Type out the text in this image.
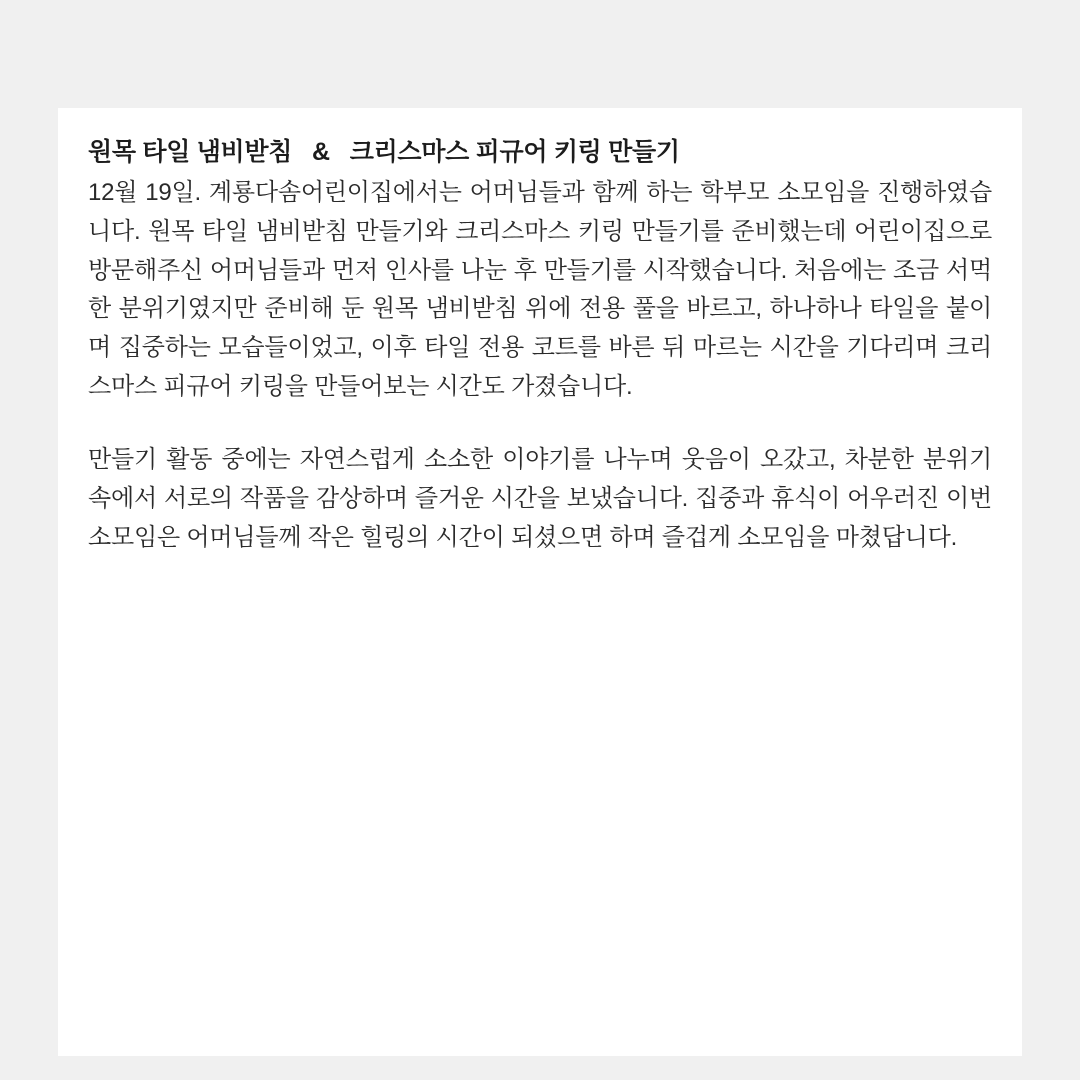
원목 타일 냄비받침   &   크리스마스 피규어 키링 만들기

12월 19일. 계룡다솜어린이집에서는 어머님들과 함께 하는 학부모 소모임을 진행하였습니다. 원목 타일 냄비받침 만들기와 크리스마스 키링 만들기를 준비했는데 어린이집으로 방문해주신 어머님들과 먼저 인사를 나눈 후 만들기를 시작했습니다. 처음에는 조금 서먹한 분위기였지만 준비해 둔 원목 냄비받침 위에 전용 풀을 바르고, 하나하나 타일을 붙이며 집중하는 모습들이었고, 이후 타일 전용 코트를 바른 뒤 마르는 시간을 기다리며 크리스마스 피규어 키링을 만들어보는 시간도 가졌습니다.

만들기 활동 중에는 자연스럽게 소소한 이야기를 나누며 웃음이 오갔고, 차분한 분위기 속에서 서로의 작품을 감상하며 즐거운 시간을 보냈습니다. 집중과 휴식이 어우러진 이번 소모임은 어머님들께 작은 힐링의 시간이 되셨으면 하며 즐겁게 소모임을 마쳤답니다.
